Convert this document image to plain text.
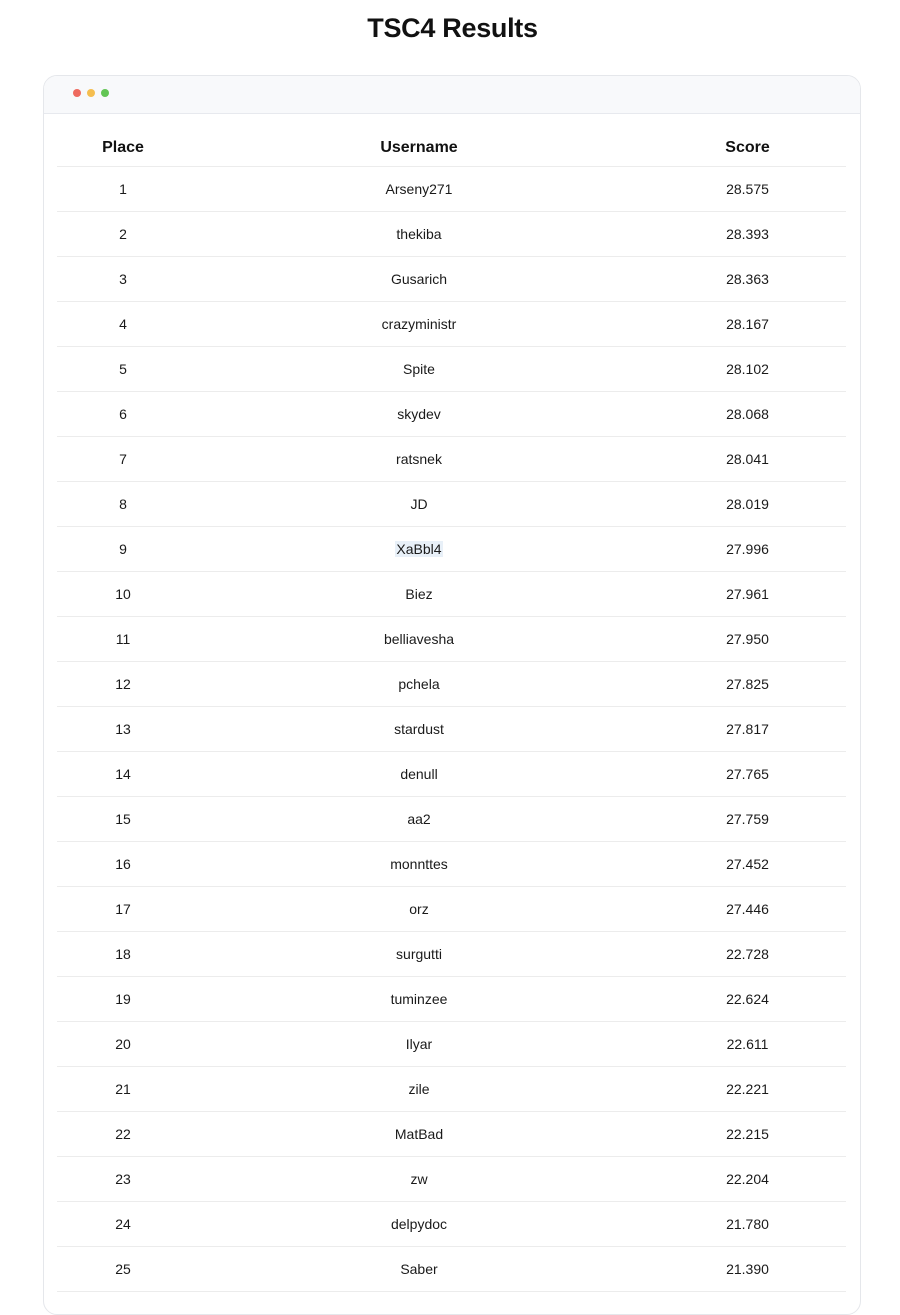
TSC4 Results
Place	Username	Score
1	Arseny271	28.575
2	thekiba	28.393
3	Gusarich	28.363
4	crazyministr	28.167
5	Spite	28.102
6	skydev	28.068
7	ratsnek	28.041
8	JD	28.019
9	XaBbl4	27.996
10	Biez	27.961
11	belliavesha	27.950
12	pchela	27.825
13	stardust	27.817
14	denull	27.765
15	aa2	27.759
16	monnttes	27.452
17	orz	27.446
18	surgutti	22.728
19	tuminzee	22.624
20	Ilyar	22.611
21	zile	22.221
22	MatBad	22.215
23	zw	22.204
24	delpydoc	21.780
25	Saber	21.390
